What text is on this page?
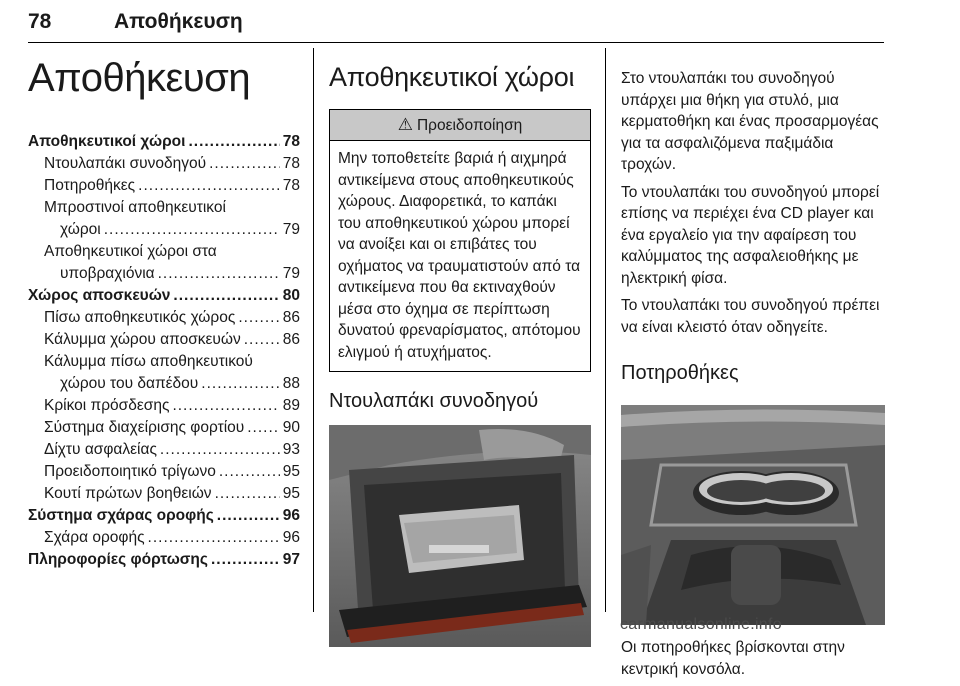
78	Αποθήκευση
Αποθήκευση
Αποθηκευτικοί χώροι .....	78
Ντουλαπάκι συνοδηγού .....	78
Ποτηροθήκες .....	78
Μπροστινοί αποθηκευτικοί
χώροι .....	79
Αποθηκευτικοί χώροι στα
υποβραχιόνια .....	79
Χώρος αποσκευών .....	80
Πίσω αποθηκευτικός χώρος .....	86
Κάλυμμα χώρου αποσκευών .....	86
Κάλυμμα πίσω αποθηκευτικού
χώρου του δαπέδου .....	88
Κρίκοι πρόσδεσης .....	89
Σύστημα διαχείρισης φορτίου ..... 90
Δίχτυ ασφαλείας .....	93
Προειδοποιητικό τρίγωνο .....	95
Κουτί πρώτων βοηθειών .....	95
Σύστημα σχάρας οροφής .....	96
Σχάρα οροφής .....	96
Πληροφορίες φόρτωσης .....	97
Αποθηκευτικοί χώροι
⚠ Προειδοποίηση
Μην τοποθετείτε βαριά ή αιχμηρά αντικείμενα στους αποθηκευτικούς χώρους. Διαφορετικά, το καπάκι του αποθηκευτικού χώρου μπορεί να ανοίξει και οι επιβάτες του οχήματος να τραυματιστούν από τα αντικείμενα που θα εκτιναχθούν μέσα στο όχημα σε περίπτωση δυνατού φρεναρίσματος, απότομου ελιγμού ή ατυχήματος.
Ντουλαπάκι συνοδηγού

Στο ντουλαπάκι του συνοδηγού υπάρχει μια θήκη για στυλό, μια κερματοθήκη και ένας προσαρμογέας για τα ασφαλιζόμενα παξιμάδια τροχών.

Το ντουλαπάκι του συνοδηγού μπορεί επίσης να περιέχει ένα CD player και ένα εργαλείο για την αφαίρεση του καλύμματος της ασφαλειοθήκης με ηλεκτρική φίσα.

Το ντουλαπάκι του συνοδηγού πρέπει να είναι κλειστό όταν οδηγείτε.

Ποτηροθήκες

Οι ποτηροθήκες βρίσκονται στην κεντρική κονσόλα.

carmanualsonline.info
